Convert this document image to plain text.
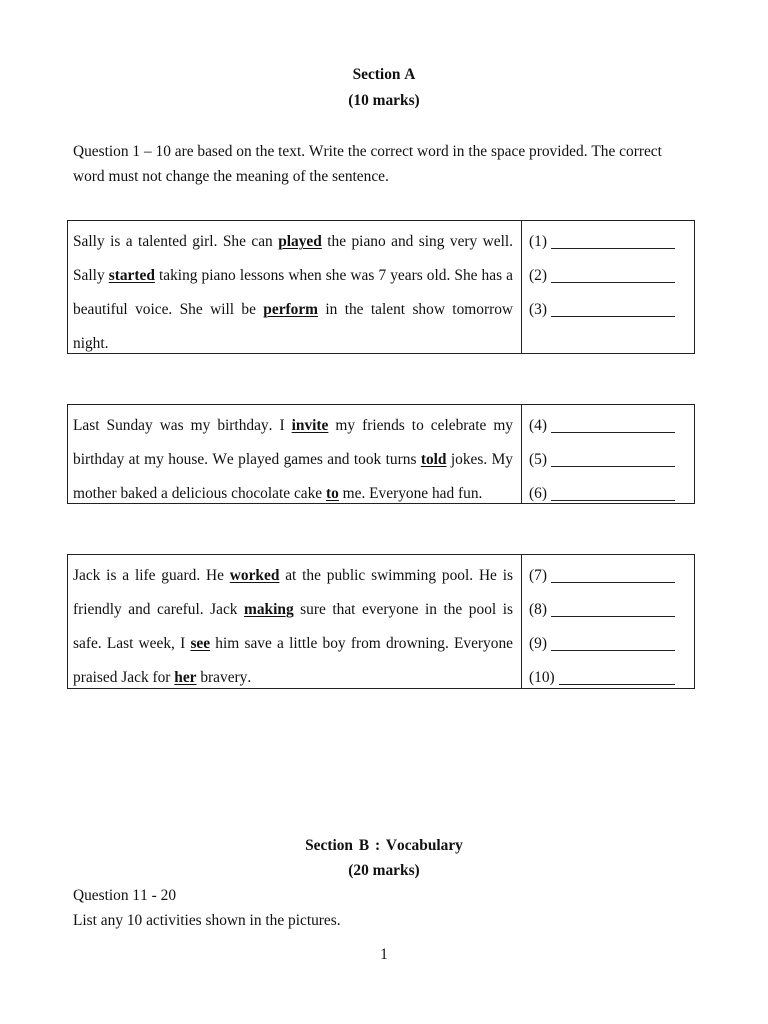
Section A
(10 marks)
Question 1 – 10 are based on the text. Write the correct word in the space provided. The correct word must not change the meaning of the sentence.
Sally is a talented girl. She can played the piano and sing very well. Sally started taking piano lessons when she was 7 years old. She has a beautiful voice. She will be perform in the talent show tomorrow night.
(1)
(2)
(3)
Last Sunday was my birthday. I invite my friends to celebrate my birthday at my house. We played games and took turns told jokes. My mother baked a delicious chocolate cake to me. Everyone had fun.
(4)
(5)
(6)
Jack is a life guard. He worked at the public swimming pool. He is friendly and careful. Jack making sure that everyone in the pool is safe. Last week, I see him save a little boy from drowning. Everyone praised Jack for her bravery.
(7)
(8)
(9)
(10)
Section B : Vocabulary
(20 marks)
Question 11 - 20
List any 10 activities shown in the pictures.
1
